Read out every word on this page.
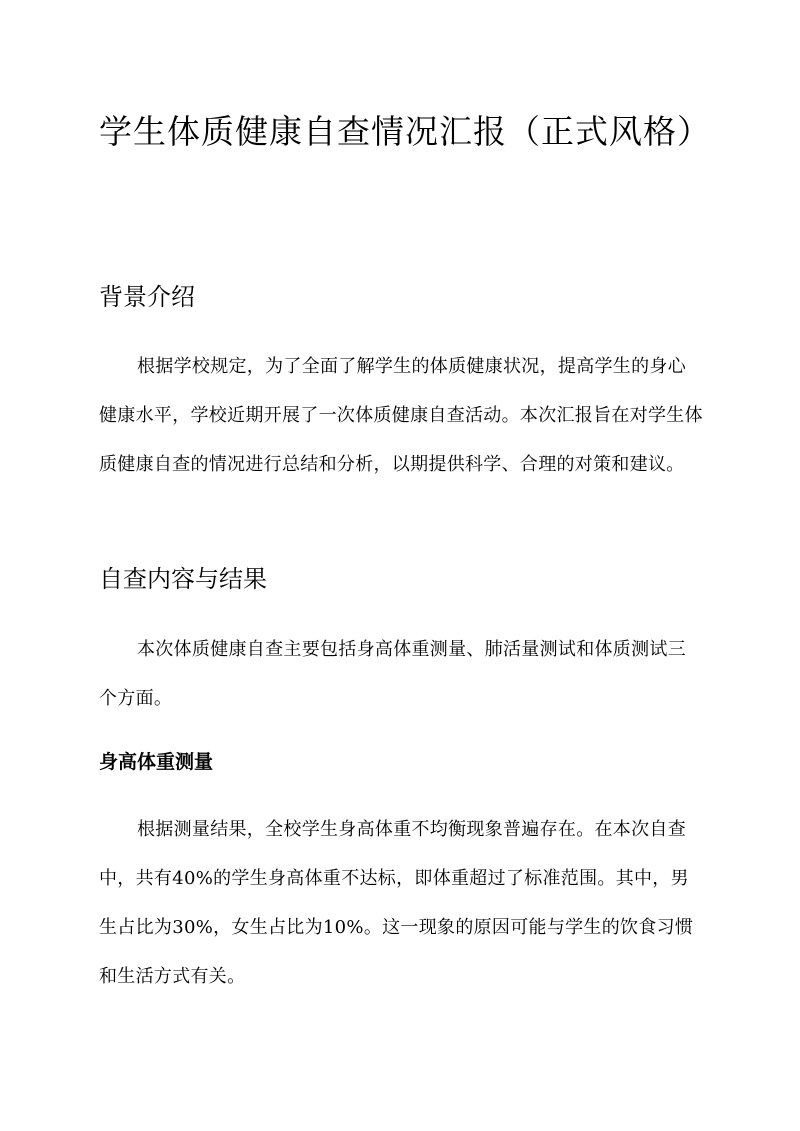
学生体质健康自查情况汇报（正式风格）
背景介绍

根据学校规定，为了全面了解学生的体质健康状况，提高学生的身心健康水平，学校近期开展了一次体质健康自查活动。本次汇报旨在对学生体质健康自查的情况进行总结和分析，以期提供科学、合理的对策和建议。

自查内容与结果

本次体质健康自查主要包括身高体重测量、肺活量测试和体质测试三个方面。

身高体重测量

根据测量结果，全校学生身高体重不均衡现象普遍存在。在本次自查中，共有40%的学生身高体重不达标，即体重超过了标准范围。其中，男生占比为30%，女生占比为10%。这一现象的原因可能与学生的饮食习惯和生活方式有关。
